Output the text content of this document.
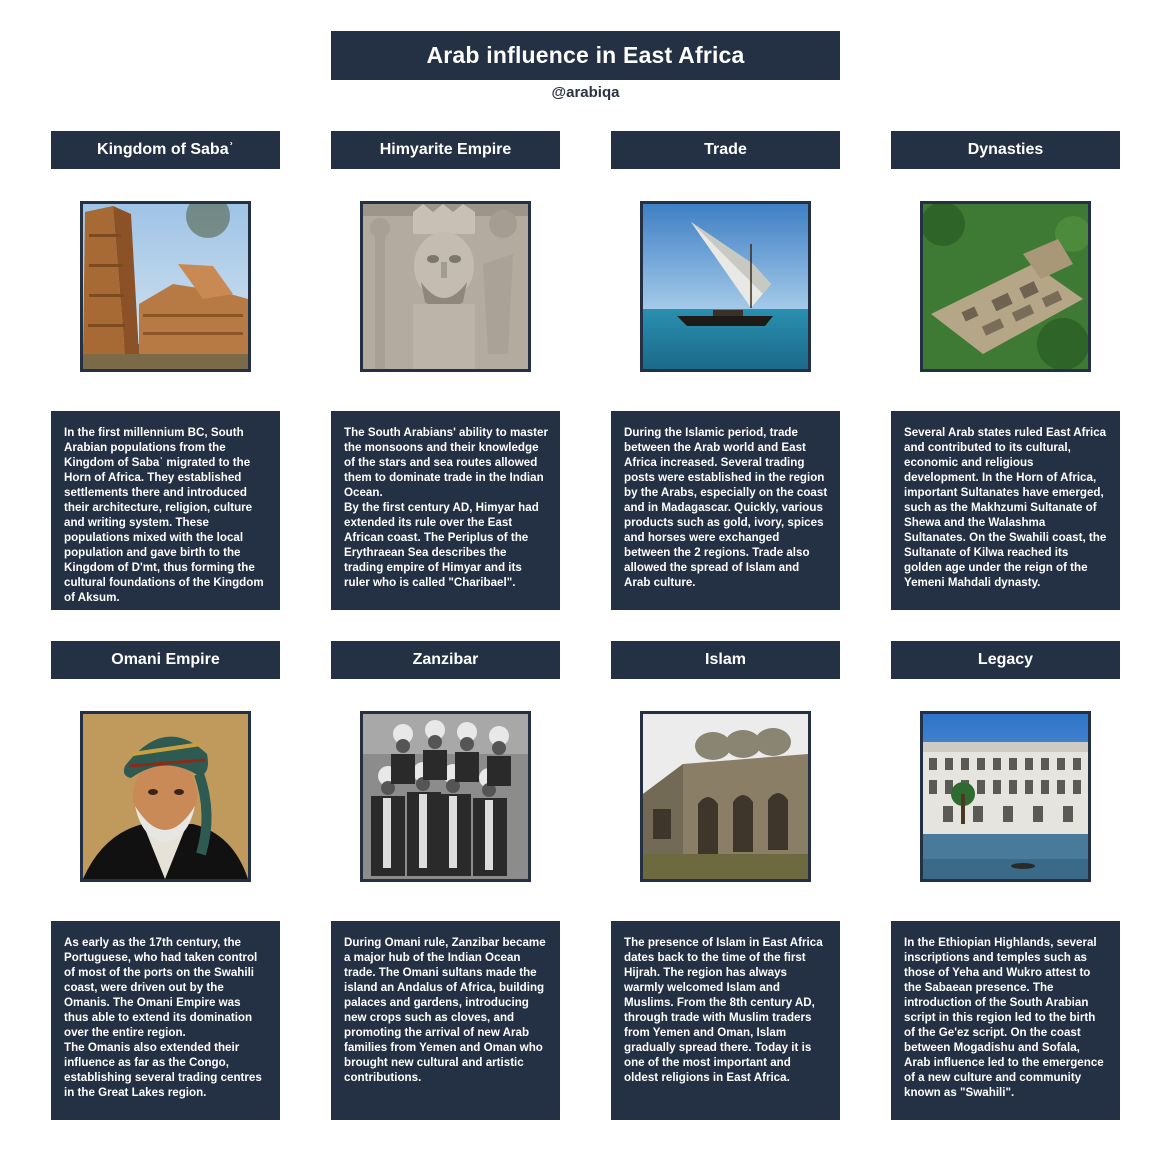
Arab influence in East Africa
@arabiqa
Kingdom of Sabaʾ
In the first millennium BC, South Arabian populations from the Kingdom of Sabaʾ migrated to the Horn of Africa. They established settlements there and introduced their architecture, religion, culture and writing system. These populations mixed with the local population and gave birth to the Kingdom of D'mt, thus forming the cultural foundations of the Kingdom of Aksum.
Himyarite Empire
The South Arabians' ability to master the monsoons and their knowledge of the stars and sea routes allowed them to dominate trade in the Indian Ocean.
By the first century AD, Himyar had extended its rule over the East African coast. The Periplus of the Erythraean Sea describes the trading empire of Himyar and its ruler who is called "Charibael".
Trade
During the Islamic period, trade between the Arab world and East Africa increased. Several trading posts were established in the region by the Arabs, especially on the coast and in Madagascar. Quickly, various products such as gold, ivory, spices and horses were exchanged between the 2 regions. Trade also allowed the spread of Islam and Arab culture.
Dynasties
Several Arab states ruled East Africa and contributed to its cultural, economic and religious development. In the Horn of Africa, important Sultanates have emerged, such as the Makhzumi Sultanate of Shewa and the Walashma Sultanates. On the Swahili coast, the Sultanate of Kilwa reached its golden age under the reign of the Yemeni Mahdali dynasty.
Omani Empire
As early as the 17th century, the Portuguese, who had taken control of most of the ports on the Swahili coast, were driven out by the Omanis. The Omani Empire was thus able to extend its domination over the entire region.
The Omanis also extended their influence as far as the Congo, establishing several trading centres in the Great Lakes region.
Zanzibar
During Omani rule, Zanzibar became a major hub of the Indian Ocean trade. The Omani sultans made the island an Andalus of Africa, building palaces and gardens, introducing new crops such as cloves, and promoting the arrival of new Arab families from Yemen and Oman who brought new cultural and artistic contributions.
Islam
The presence of Islam in East Africa dates back to the time of the first Hijrah. The region has always warmly welcomed Islam and Muslims. From the 8th century AD, through trade with Muslim traders from Yemen and Oman, Islam gradually spread there. Today it is one of the most important and oldest religions in East Africa.
Legacy
In the Ethiopian Highlands, several inscriptions and temples such as those of Yeha and Wukro attest to the Sabaean presence. The introduction of the South Arabian script in this region led to the birth of the Ge'ez script. On the coast between Mogadishu and Sofala, Arab influence led to the emergence of a new culture and community known as "Swahili".
